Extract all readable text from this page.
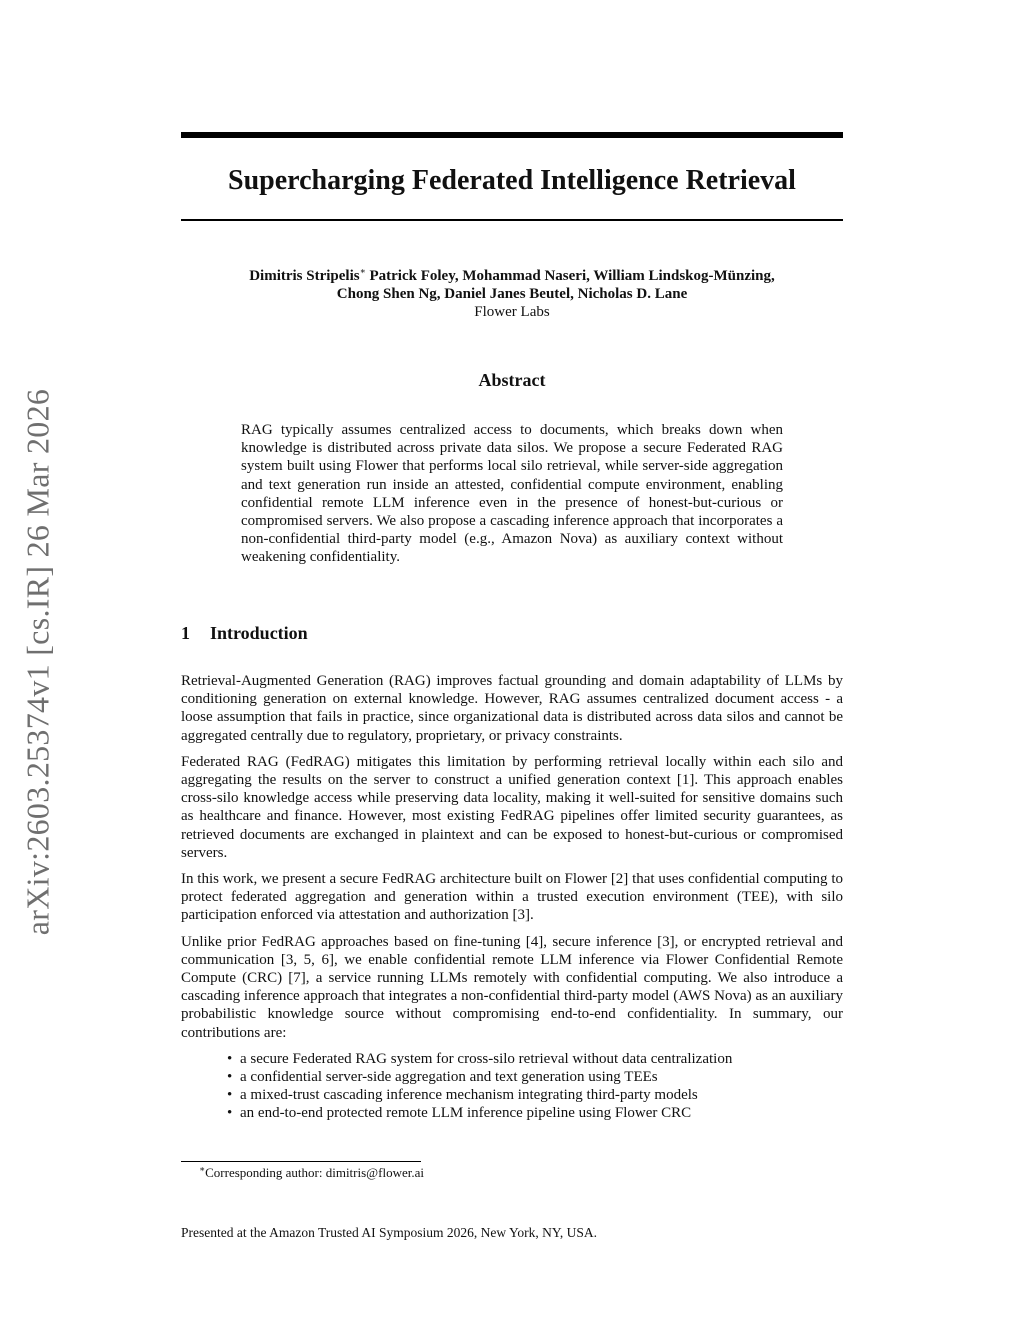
arXiv:2603.25374v1 [cs.IR] 26 Mar 2026
Supercharging Federated Intelligence Retrieval
Dimitris Stripelis∗ Patrick Foley, Mohammad Naseri, William Lindskog-Münzing,
Chong Shen Ng, Daniel Janes Beutel, Nicholas D. Lane
Flower Labs
Abstract

RAG typically assumes centralized access to documents, which breaks down when knowledge is distributed across private data silos. We propose a secure Federated RAG system built using Flower that performs local silo retrieval, while server-side aggregation and text generation run inside an attested, confidential compute environment, enabling confidential remote LLM inference even in the presence of honest-but-curious or compromised servers. We also propose a cascading inference approach that incorporates a non-confidential third-party model (e.g., Amazon Nova) as auxiliary context without weakening confidentiality.

1 Introduction

Retrieval-Augmented Generation (RAG) improves factual grounding and domain adaptability of LLMs by conditioning generation on external knowledge. However, RAG assumes centralized document access - a loose assumption that fails in practice, since organizational data is distributed across data silos and cannot be aggregated centrally due to regulatory, proprietary, or privacy constraints.

Federated RAG (FedRAG) mitigates this limitation by performing retrieval locally within each silo and aggregating the results on the server to construct a unified generation context [1]. This approach enables cross-silo knowledge access while preserving data locality, making it well-suited for sensitive domains such as healthcare and finance. However, most existing FedRAG pipelines offer limited security guarantees, as retrieved documents are exchanged in plaintext and can be exposed to honest-but-curious or compromised servers.

In this work, we present a secure FedRAG architecture built on Flower [2] that uses confidential computing to protect federated aggregation and generation within a trusted execution environment (TEE), with silo participation enforced via attestation and authorization [3].

Unlike prior FedRAG approaches based on fine-tuning [4], secure inference [3], or encrypted retrieval and communication [3, 5, 6], we enable confidential remote LLM inference via Flower Confidential Remote Compute (CRC) [7], a service running LLMs remotely with confidential computing. We also introduce a cascading inference approach that integrates a non-confidential third-party model (AWS Nova) as an auxiliary probabilistic knowledge source without compromising end-to-end confidentiality. In summary, our contributions are:

• a secure Federated RAG system for cross-silo retrieval without data centralization
• a confidential server-side aggregation and text generation using TEEs
• a mixed-trust cascading inference mechanism integrating third-party models
• an end-to-end protected remote LLM inference pipeline using Flower CRC
∗Corresponding author: dimitris@flower.ai
Presented at the Amazon Trusted AI Symposium 2026, New York, NY, USA.
